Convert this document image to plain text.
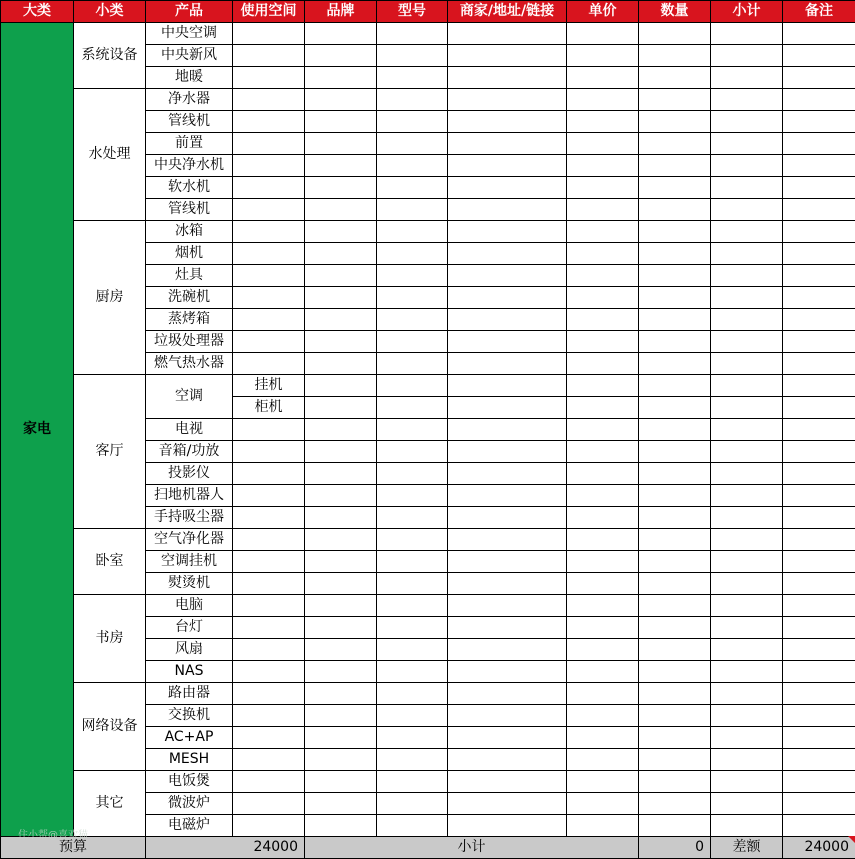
大类	小类	产品	使用空间	品牌	型号	商家/地址/链接	单价	数量	小计	备注
家电	系统设备	中央空调								
		中央新风								
		地暖								
	水处理	净水器								
		管线机								
		前置								
		中央净水机								
		软水机								
		管线机								
	厨房	冰箱								
		烟机								
		灶具								
		洗碗机								
		蒸烤箱								
		垃圾处理器								
		燃气热水器								
	客厅	空调	挂机							
			柜机							
		电视								
		音箱/功放								
		投影仪								
		扫地机器人								
		手持吸尘器								
	卧室	空气净化器								
		空调挂机								
		熨烫机								
	书房	电脑								
		台灯								
		风扇								
		NAS								
	网络设备	路由器								
		交换机								
		AC+AP								
		MESH								
	其它	电饭煲								
		微波炉								
		电磁炉								
预算		24000		小计				0	差额	24000
住小帮@喜欢猫
